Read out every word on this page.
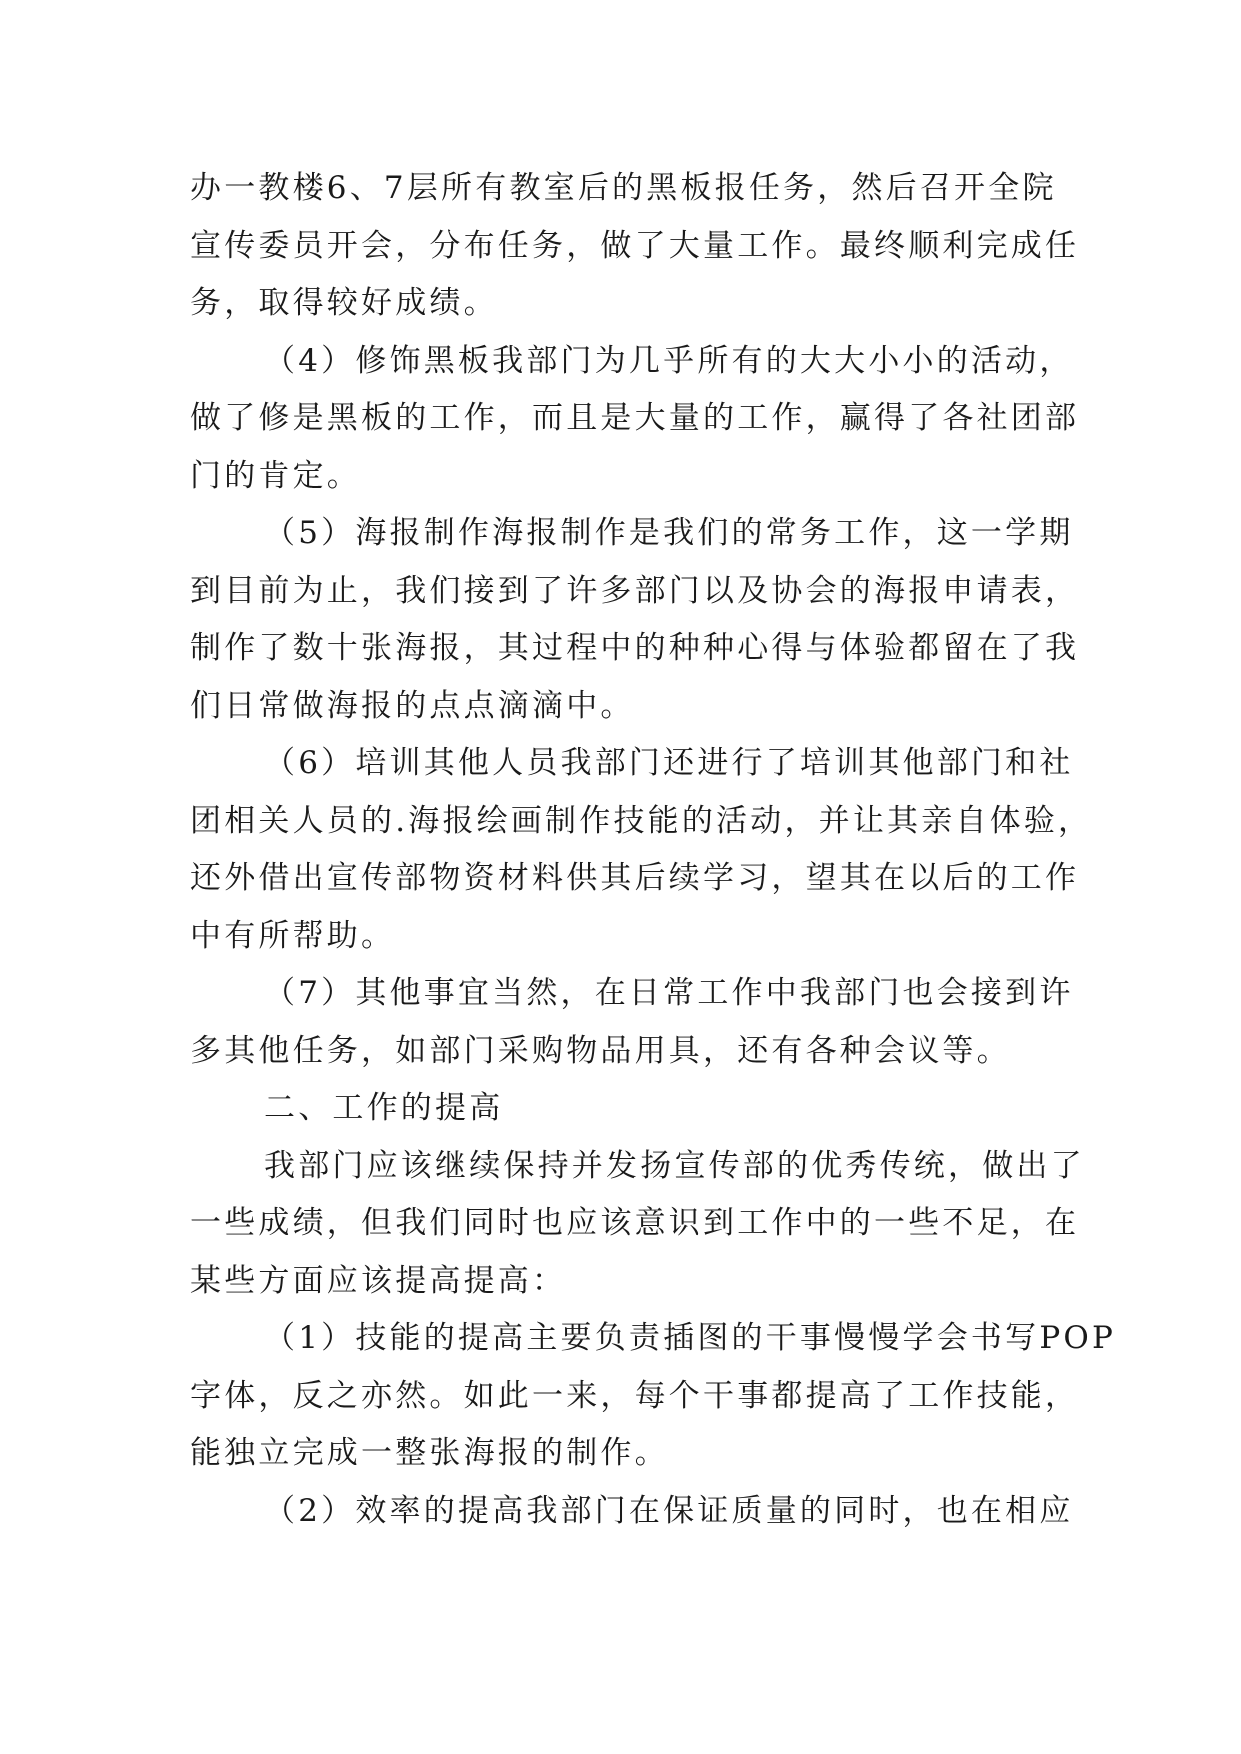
办一教楼6、7层所有教室后的黑板报任务，然后召开全院
宣传委员开会，分布任务，做了大量工作。最终顺利完成任
务，取得较好成绩。
（4）修饰黑板我部门为几乎所有的大大小小的活动，
做了修是黑板的工作，而且是大量的工作，赢得了各社团部
门的肯定。
（5）海报制作海报制作是我们的常务工作，这一学期
到目前为止，我们接到了许多部门以及协会的海报申请表，
制作了数十张海报，其过程中的种种心得与体验都留在了我
们日常做海报的点点滴滴中。
（6）培训其他人员我部门还进行了培训其他部门和社
团相关人员的.海报绘画制作技能的活动，并让其亲自体验，
还外借出宣传部物资材料供其后续学习，望其在以后的工作
中有所帮助。
（7）其他事宜当然，在日常工作中我部门也会接到许
多其他任务，如部门采购物品用具，还有各种会议等。
二、工作的提高
我部门应该继续保持并发扬宣传部的优秀传统，做出了
一些成绩，但我们同时也应该意识到工作中的一些不足，在
某些方面应该提高提高：
（1）技能的提高主要负责插图的干事慢慢学会书写POP
字体，反之亦然。如此一来，每个干事都提高了工作技能，
能独立完成一整张海报的制作。
（2）效率的提高我部门在保证质量的同时，也在相应
